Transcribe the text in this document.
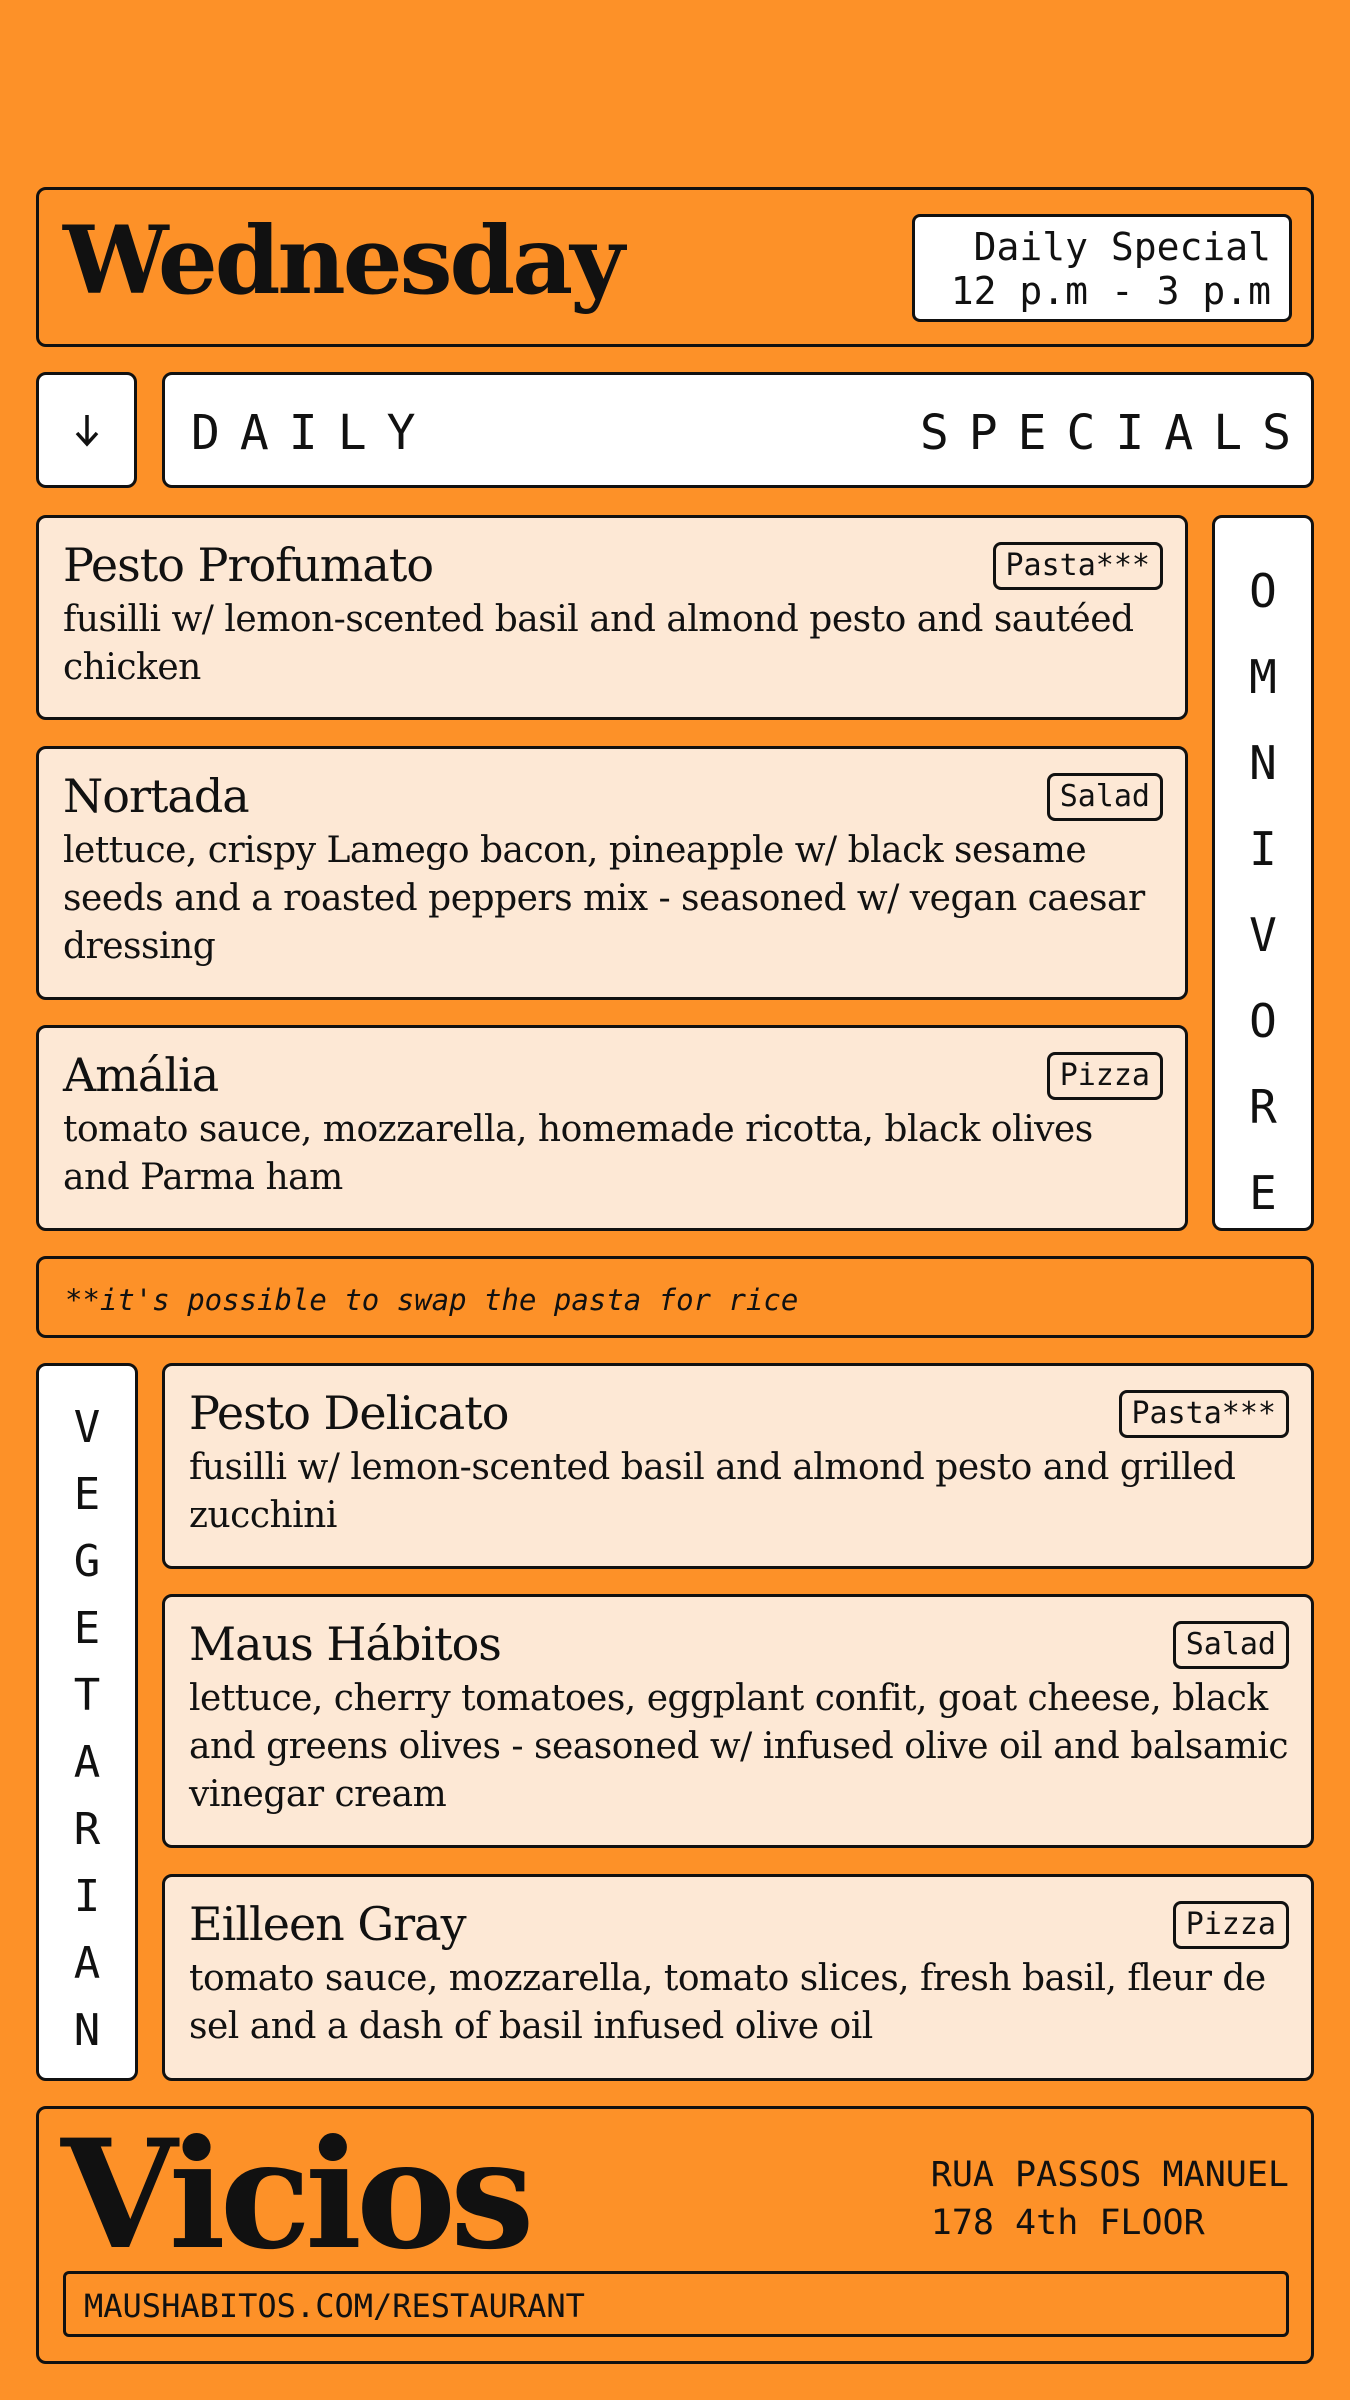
Wednesday	Daily Special
12 p.m - 3 p.m
DAILY	SPECIALS
Pesto Profumato	Pasta***
fusilli w/ lemon-scented basil and almond pesto and sautéed chicken
Nortada	Salad
lettuce, crispy Lamego bacon, pineapple w/ black sesame seeds and a roasted peppers mix - seasoned w/ vegan caesar dressing
Amália	Pizza
tomato sauce, mozzarella, homemade ricotta, black olives and Parma ham
O
M
N
I
V
O
R
E
**it's possible to swap the pasta for rice
V
E
G
E
T
A
R
I
A
N
Pesto Delicato	Pasta***
fusilli w/ lemon-scented basil and almond pesto and grilled zucchini
Maus Hábitos	Salad
lettuce, cherry tomatoes, eggplant confit, goat cheese, black and greens olives - seasoned w/ infused olive oil and balsamic vinegar cream
Eilleen Gray	Pizza
tomato sauce, mozzarella, tomato slices, fresh basil, fleur de sel and a dash of basil infused olive oil
Vicios	RUA PASSOS MANUEL
178 4th FLOOR
MAUSHABITOS.COM/RESTAURANT
